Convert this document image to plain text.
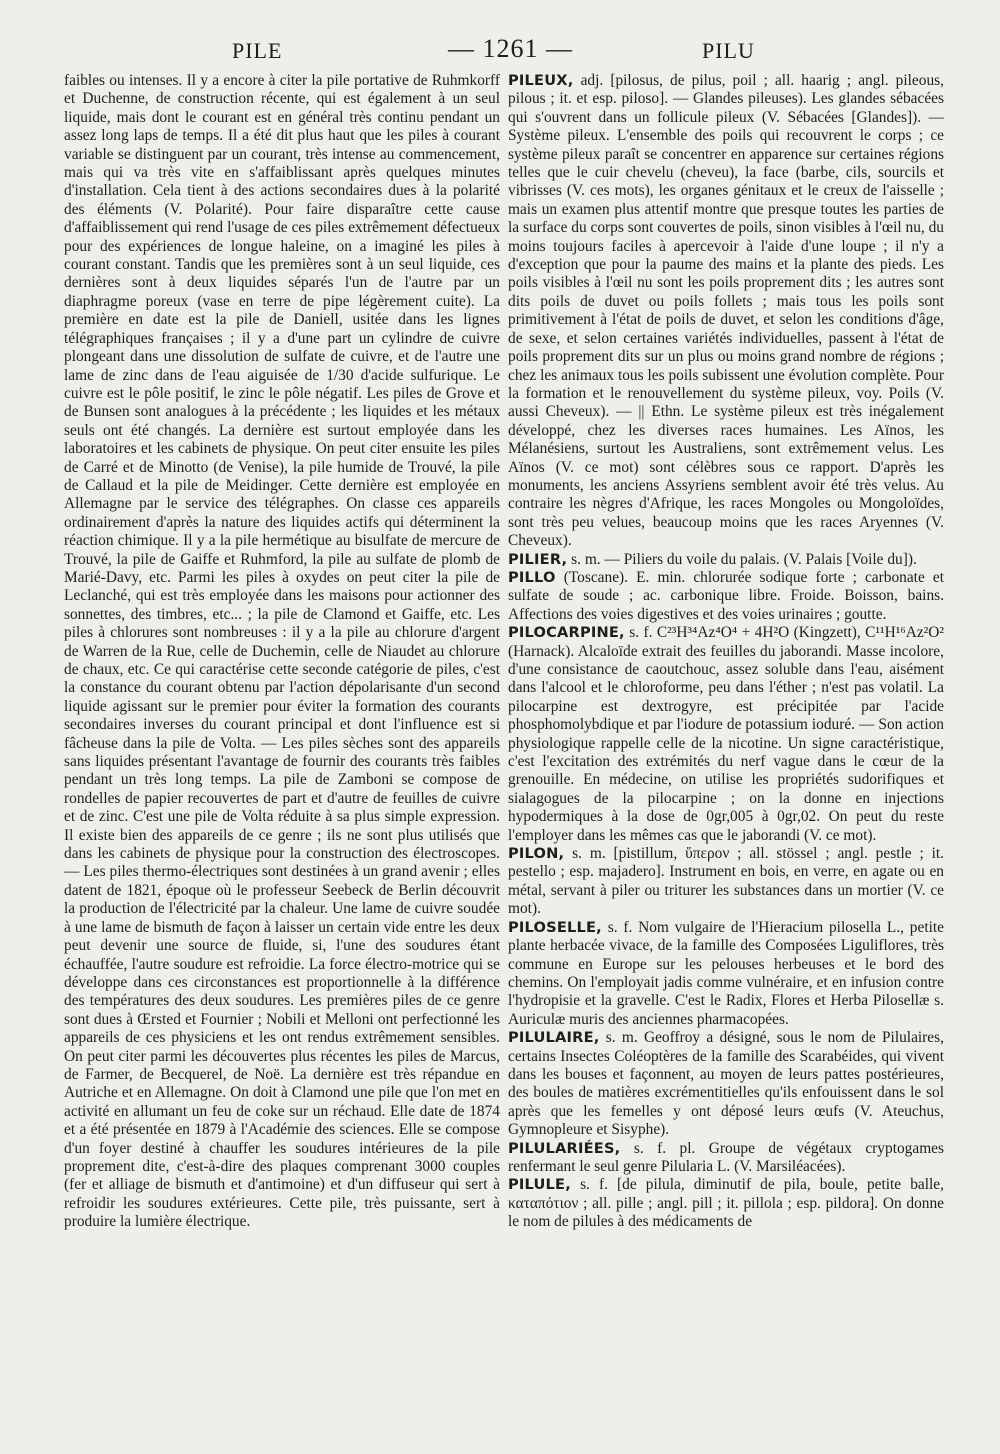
PILE	— 1261 —	PILU

faibles ou intenses. Il y a encore à citer la pile portative de Ruhmkorff et Duchenne, de construction récente, qui est également à un seul liquide, mais dont le courant est en général très continu pendant un assez long laps de temps. Il a été dit plus haut que les piles à courant variable se distinguent par un courant, très intense au commencement, mais qui va très vite en s'affaiblissant après quelques minutes d'installation. Cela tient à des actions secondaires dues à la polarité des éléments (V. Polarité). Pour faire disparaître cette cause d'affaiblissement qui rend l'usage de ces piles extrêmement défectueux pour des expériences de longue haleine, on a imaginé les piles à courant constant. Tandis que les premières sont à un seul liquide, ces dernières sont à deux liquides séparés l'un de l'autre par un diaphragme poreux (vase en terre de pipe légèrement cuite). La première en date est la pile de Daniell, usitée dans les lignes télégraphiques françaises ; il y a d'une part un cylindre de cuivre plongeant dans une dissolution de sulfate de cuivre, et de l'autre une lame de zinc dans de l'eau aiguisée de 1/30 d'acide sulfurique. Le cuivre est le pôle positif, le zinc le pôle négatif. Les piles de Grove et de Bunsen sont analogues à la précédente ; les liquides et les métaux seuls ont été changés. La dernière est surtout employée dans les laboratoires et les cabinets de physique. On peut citer ensuite les piles de Carré et de Minotto (de Venise), la pile humide de Trouvé, la pile de Callaud et la pile de Meidinger. Cette dernière est employée en Allemagne par le service des télégraphes. On classe ces appareils ordinairement d'après la nature des liquides actifs qui déterminent la réaction chimique. Il y a la pile hermétique au bisulfate de mercure de Trouvé, la pile de Gaiffe et Ruhmford, la pile au sulfate de plomb de Marié-Davy, etc. Parmi les piles à oxydes on peut citer la pile de Leclanché, qui est très employée dans les maisons pour actionner des sonnettes, des timbres, etc... ; la pile de Clamond et Gaiffe, etc. Les piles à chlorures sont nombreuses : il y a la pile au chlorure d'argent de Warren de la Rue, celle de Duchemin, celle de Niaudet au chlorure de chaux, etc. Ce qui caractérise cette seconde catégorie de piles, c'est la constance du courant obtenu par l'action dépolarisante d'un second liquide agissant sur le premier pour éviter la formation des courants secondaires inverses du courant principal et dont l'influence est si fâcheuse dans la pile de Volta. — Les piles sèches sont des appareils sans liquides présentant l'avantage de fournir des courants très faibles pendant un très long temps. La pile de Zamboni se compose de rondelles de papier recouvertes de part et d'autre de feuilles de cuivre et de zinc. C'est une pile de Volta réduite à sa plus simple expression. Il existe bien des appareils de ce genre ; ils ne sont plus utilisés que dans les cabinets de physique pour la construction des électroscopes. — Les piles thermo-électriques sont destinées à un grand avenir ; elles datent de 1821, époque où le professeur Seebeck de Berlin découvrit la production de l'électricité par la chaleur. Une lame de cuivre soudée à une lame de bismuth de façon à laisser un certain vide entre les deux peut devenir une source de fluide, si, l'une des soudures étant échauffée, l'autre soudure est refroidie. La force électro-motrice qui se développe dans ces circonstances est proportionnelle à la différence des températures des deux soudures. Les premières piles de ce genre sont dues à Œrsted et Fournier ; Nobili et Melloni ont perfectionné les appareils de ces physiciens et les ont rendus extrêmement sensibles. On peut citer parmi les découvertes plus récentes les piles de Marcus, de Farmer, de Becquerel, de Noë. La dernière est très répandue en Autriche et en Allemagne. On doit à Clamond une pile que l'on met en activité en allumant un feu de coke sur un réchaud. Elle date de 1874 et a été présentée en 1879 à l'Académie des sciences. Elle se compose d'un foyer destiné à chauffer les soudures intérieures de la pile proprement dite, c'est-à-dire des plaques comprenant 3000 couples (fer et alliage de bismuth et d'antimoine) et d'un diffuseur qui sert à refroidir les soudures extérieures. Cette pile, très puissante, sert à produire la lumière électrique.

PILEUX, adj. [pilosus, de pilus, poil ; all. haarig ; angl. pileous, pilous ; it. et esp. piloso]. — Glandes pileuses). Les glandes sébacées qui s'ouvrent dans un follicule pileux (V. Sébacées [Glandes]). — Système pileux. L'ensemble des poils qui recouvrent le corps ; ce système pileux paraît se concentrer en apparence sur certaines régions telles que le cuir chevelu (cheveu), la face (barbe, cils, sourcils et vibrisses (V. ces mots), les organes génitaux et le creux de l'aisselle ; mais un examen plus attentif montre que presque toutes les parties de la surface du corps sont couvertes de poils, sinon visibles à l'œil nu, du moins toujours faciles à apercevoir à l'aide d'une loupe ; il n'y a d'exception que pour la paume des mains et la plante des pieds. Les poils visibles à l'œil nu sont les poils proprement dits ; les autres sont dits poils de duvet ou poils follets ; mais tous les poils sont primitivement à l'état de poils de duvet, et selon les conditions d'âge, de sexe, et selon certaines variétés individuelles, passent à l'état de poils proprement dits sur un plus ou moins grand nombre de régions ; chez les animaux tous les poils subissent une évolution complète. Pour la formation et le renouvellement du système pileux, voy. Poils (V. aussi Cheveux). — || Ethn. Le système pileux est très inégalement développé, chez les diverses races humaines. Les Aïnos, les Mélanésiens, surtout les Australiens, sont extrêmement velus. Les Aïnos (V. ce mot) sont célèbres sous ce rapport. D'après les monuments, les anciens Assyriens semblent avoir été très velus. Au contraire les nègres d'Afrique, les races Mongoles ou Mongoloïdes, sont très peu velues, beaucoup moins que les races Aryennes (V. Cheveux).

PILIER, s. m. — Piliers du voile du palais. (V. Palais [Voile du]).

PILLO (Toscane). E. min. chlorurée sodique forte ; carbonate et sulfate de soude ; ac. carbonique libre. Froide. Boisson, bains. Affections des voies digestives et des voies urinaires ; goutte.

PILOCARPINE, s. f. C²³H³⁴Az⁴O⁴ + 4H²O (Kingzett), C¹¹H¹⁶Az²O² (Harnack). Alcaloïde extrait des feuilles du jaborandi. Masse incolore, d'une consistance de caoutchouc, assez soluble dans l'eau, aisément dans l'alcool et le chloroforme, peu dans l'éther ; n'est pas volatil. La pilocarpine est dextrogyre, est précipitée par l'acide phosphomolybdique et par l'iodure de potassium ioduré. — Son action physiologique rappelle celle de la nicotine. Un signe caractéristique, c'est l'excitation des extrémités du nerf vague dans le cœur de la grenouille. En médecine, on utilise les propriétés sudorifiques et sialagogues de la pilocarpine ; on la donne en injections hypodermiques à la dose de 0gr,005 à 0gr,02. On peut du reste l'employer dans les mêmes cas que le jaborandi (V. ce mot).

PILON, s. m. [pistillum, ὕπερον ; all. stössel ; angl. pestle ; it. pestello ; esp. majadero]. Instrument en bois, en verre, en agate ou en métal, servant à piler ou triturer les substances dans un mortier (V. ce mot).

PILOSELLE, s. f. Nom vulgaire de l'Hieracium pilosella L., petite plante herbacée vivace, de la famille des Composées Liguliflores, très commune en Europe sur les pelouses herbeuses et le bord des chemins. On l'employait jadis comme vulnéraire, et en infusion contre l'hydropisie et la gravelle. C'est le Radix, Flores et Herba Pilosellæ s. Auriculæ muris des anciennes pharmacopées.

PILULAIRE, s. m. Geoffroy a désigné, sous le nom de Pilulaires, certains Insectes Coléoptères de la famille des Scarabéides, qui vivent dans les bouses et façonnent, au moyen de leurs pattes postérieures, des boules de matières excrémentitielles qu'ils enfouissent dans le sol après que les femelles y ont déposé leurs œufs (V. Ateuchus, Gymnopleure et Sisyphe).

PILULARIÉES, s. f. pl. Groupe de végétaux cryptogames renfermant le seul genre Pilularia L. (V. Marsiléacées).

PILULE, s. f. [de pilula, diminutif de pila, boule, petite balle, καταπότιον ; all. pille ; angl. pill ; it. pillola ; esp. pildora]. On donne le nom de pilules à des médicaments de
